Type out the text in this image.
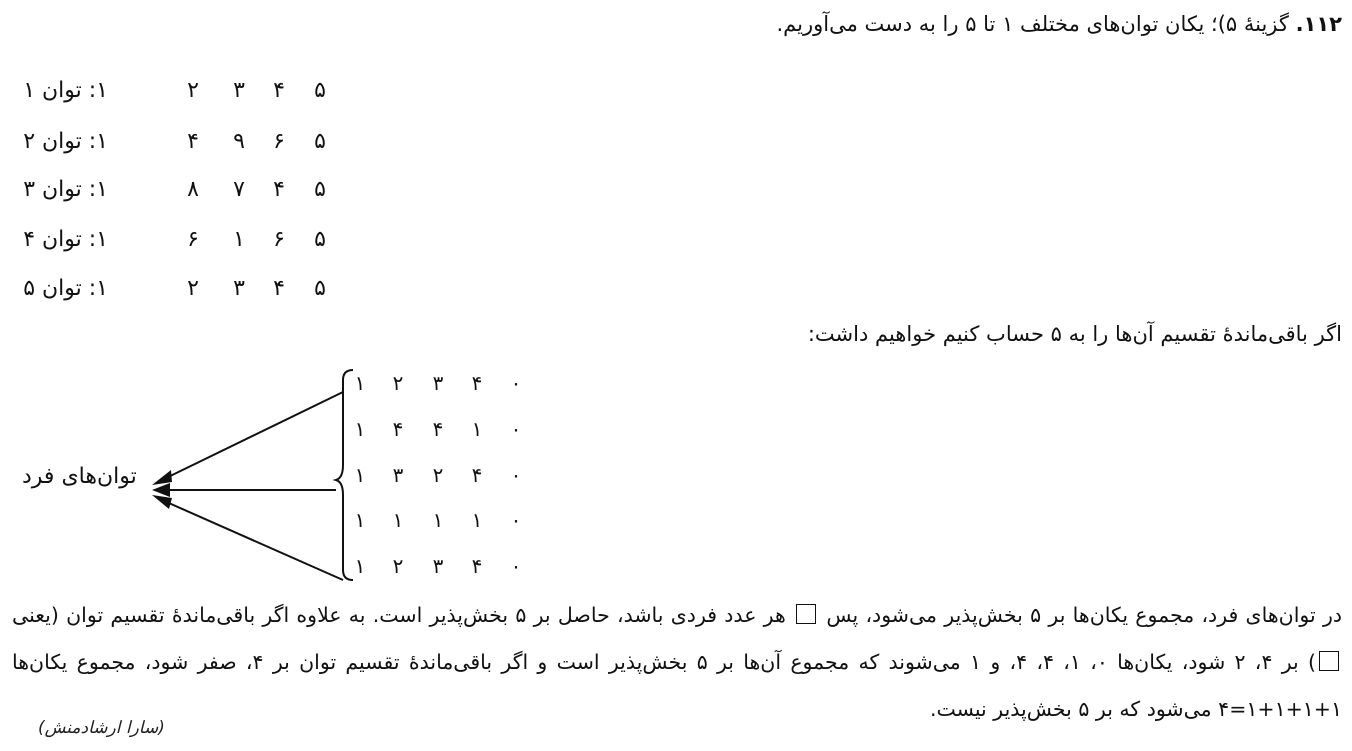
۱۱۲. گزینهٔ ۵)؛ یکان توان‌های مختلف ۱ تا ۵ را به دست می‌آوریم.
۱: توان ۱	۲ ۳ ۴ ۵
۱: توان ۲	۴ ۹ ۶ ۵
۱: توان ۳	۸ ۷ ۴ ۵
۱: توان ۴	۶ ۱ ۶ ۵
۱: توان ۵	۲ ۳ ۴ ۵
اگر باقی‌ماندهٔ تقسیم آن‌ها را به ۵ حساب کنیم خواهیم داشت:
۱ ۲ ۳ ۴ ۰
۱ ۴ ۴ ۱ ۰
۱ ۳ ۲ ۴ ۰
۱ ۱ ۱ ۱ ۰
۱ ۲ ۳ ۴ ۰
توان‌های فرد
در توان‌های فرد، مجموع یکان‌ها بر ۵ بخش‌پذیر می‌شود، پس  هر عدد فردی باشد، حاصل بر ۵ بخش‌پذیر است. به علاوه اگر باقی‌ماندهٔ تقسیم توان (یعنی ) بر ۴، ۲ شود، یکان‌ها ۰، ۱، ۴، ۴، و ۱ می‌شوند که مجموع آن‌ها بر ۵ بخش‌پذیر است و اگر باقی‌ماندهٔ تقسیم توان بر ۴، صفر شود، مجموع یکان‌ها ۱+۱+۱+۱=۴ می‌شود که بر ۵ بخش‌پذیر نیست.
(سارا ارشادمنش)
